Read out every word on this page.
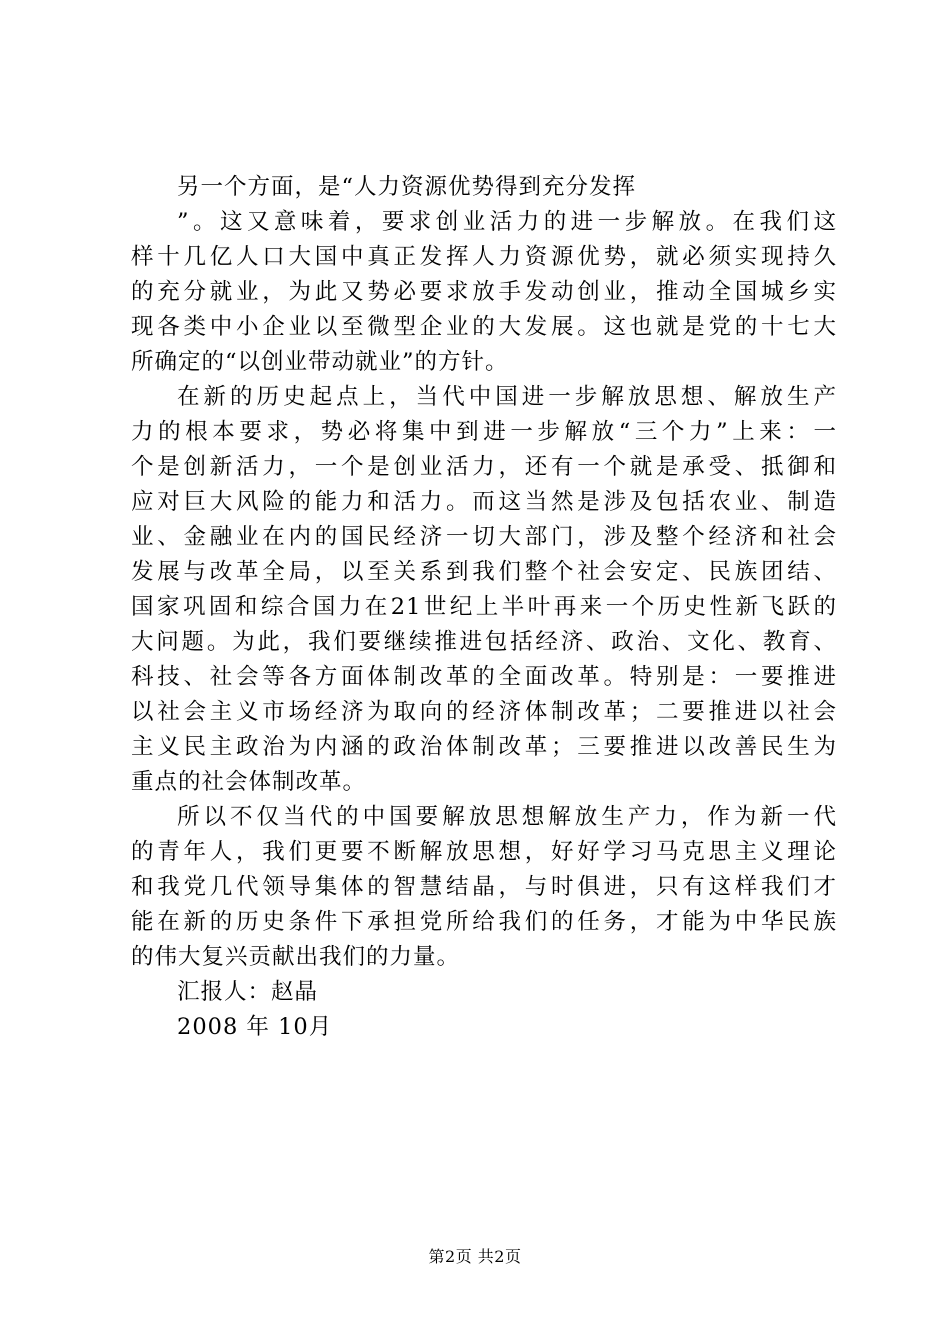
另一个方面，是“人力资源优势得到充分发挥
”。这又意味着，要求创业活力的进一步解放。在我们这
样十几亿人口大国中真正发挥人力资源优势，就必须实现持久
的充分就业，为此又势必要求放手发动创业，推动全国城乡实
现各类中小企业以至微型企业的大发展。这也就是党的十七大
所确定的“以创业带动就业”的方针。
在新的历史起点上，当代中国进一步解放思想、解放生产
力的根本要求，势必将集中到进一步解放“三个力”上来：一
个是创新活力，一个是创业活力，还有一个就是承受、抵御和
应对巨大风险的能力和活力。而这当然是涉及包括农业、制造
业、金融业在内的国民经济一切大部门，涉及整个经济和社会
发展与改革全局，以至关系到我们整个社会安定、民族团结、
国家巩固和综合国力在21世纪上半叶再来一个历史性新飞跃的
大问题。为此，我们要继续推进包括经济、政治、文化、教育、
科技、社会等各方面体制改革的全面改革。特别是：一要推进
以社会主义市场经济为取向的经济体制改革；二要推进以社会
主义民主政治为内涵的政治体制改革；三要推进以改善民生为
重点的社会体制改革。
所以不仅当代的中国要解放思想解放生产力，作为新一代
的青年人，我们更要不断解放思想，好好学习马克思主义理论
和我党几代领导集体的智慧结晶，与时俱进，只有这样我们才
能在新的历史条件下承担党所给我们的任务，才能为中华民族
的伟大复兴贡献出我们的力量。
汇报人：赵晶
2008 年 10月
第2页 共2页
